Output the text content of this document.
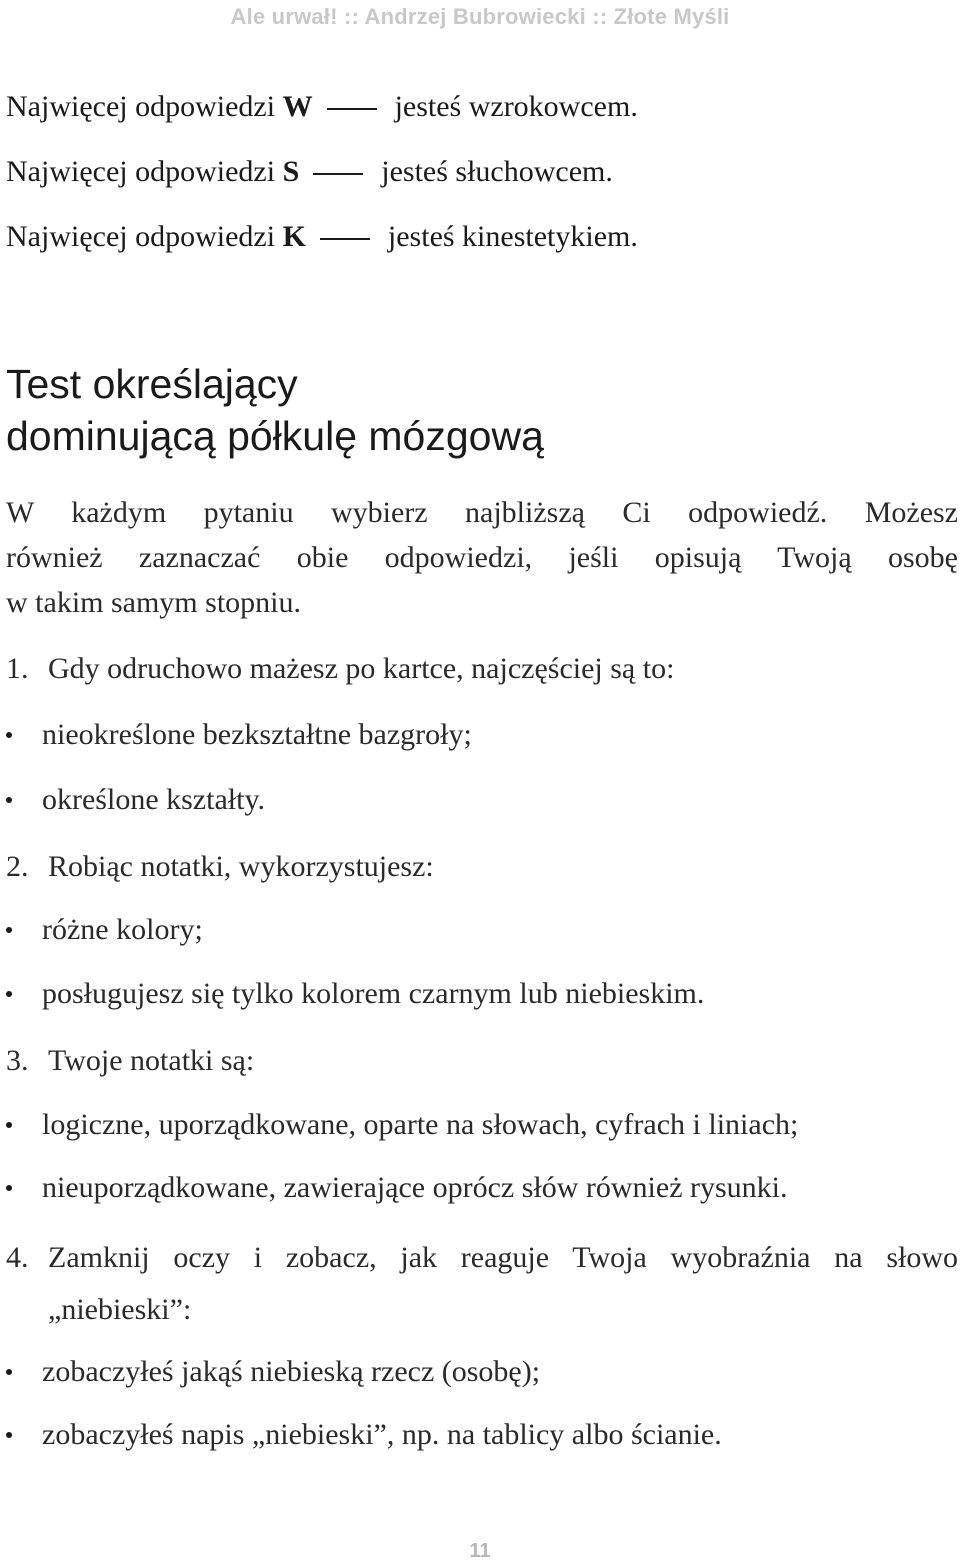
Ale urwał! :: Andrzej Bubrowiecki :: Złote Myśli
Najwięcej odpowiedzi W	jesteś wzrokowcem.
Najwięcej odpowiedzi S	jesteś słuchowcem.
Najwięcej odpowiedzi K	jesteś kinestetykiem.
Test określający
dominującą półkulę mózgową

W każdym pytaniu wybierz najbliższą Ci odpowiedź. Możesz
również zaznaczać obie odpowiedzi, jeśli opisują Twoją osobę
w takim samym stopniu.

1. Gdy odruchowo mażesz po kartce, najczęściej są to:
nieokreślone bezkształtne bazgroły;
określone kształty.
2. Robiąc notatki, wykorzystujesz:
różne kolory;
posługujesz się tylko kolorem czarnym lub niebieskim.
3. Twoje notatki są:
logiczne, uporządkowane, oparte na słowach, cyfrach i liniach;
nieuporządkowane, zawierające oprócz słów również rysunki.
4. Zamknij oczy i zobacz, jak reaguje Twoja wyobraźnia na słowo
„niebieski”:
zobaczyłeś jakąś niebieską rzecz (osobę);
zobaczyłeś napis „niebieski”, np. na tablicy albo ścianie.
11
